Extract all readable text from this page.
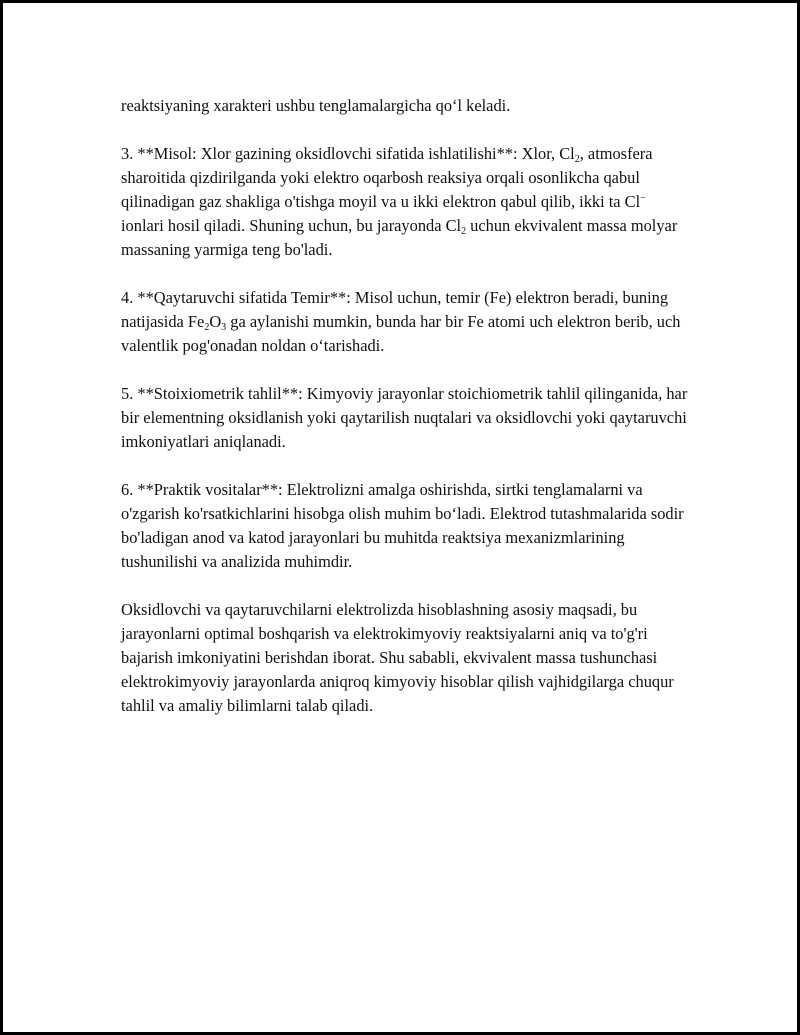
reaktsiyaning xarakteri ushbu tenglamalargicha qo‘l keladi.

3. **Misol: Xlor gazining oksidlovchi sifatida ishlatilishi**: Xlor, $Cl_2$, atmosfera sharoitida qizdirilganda yoki elektro oqarbosh reaksiya orqali osonlikcha qabul qilinadigan gaz shakliga o'tishga moyil va u ikki elektron qabul qilib, ikki ta Cl− ionlari hosil qiladi. Shuning uchun, bu jarayonda $Cl_2$ uchun ekvivalent massa molyar massaning yarmiga teng bo'ladi.

4. **Qaytaruvchi sifatida Temir**: Misol uchun, temir (Fe) elektron beradi, buning natijasida $Fe_2O_3$ ga aylanishi mumkin, bunda har bir Fe atomi uch elektron berib, uch valentlik pog'onadan noldan o‘tarishadi.

5. **Stoixiometrik tahlil**: Kimyoviy jarayonlar stoichiometrik tahlil qilinganida, har bir elementning oksidlanish yoki qaytarilish nuqtalari va oksidlovchi yoki qaytaruvchi imkoniyatlari aniqlanadi.

6. **Praktik vositalar**: Elektrolizni amalga oshirishda, sirtki tenglamalarni va o'zgarish ko'rsatkichlarini hisobga olish muhim bo‘ladi. Elektrod tutashmalarida sodir bo'ladigan anod va katod jarayonlari bu muhitda reaktsiya mexanizmlarining tushunilishi va analizida muhimdir.

Oksidlovchi va qaytaruvchilarni elektrolizda hisoblashning asosiy maqsadi, bu jarayonlarni optimal boshqarish va elektrokimyoviy reaktsiyalarni aniq va to'g'ri bajarish imkoniyatini berishdan iborat. Shu sababli, ekvivalent massa tushunchasi elektrokimyoviy jarayonlarda aniqroq kimyoviy hisoblar qilish vajhidgilarga chuqur tahlil va amaliy bilimlarni talab qiladi.
